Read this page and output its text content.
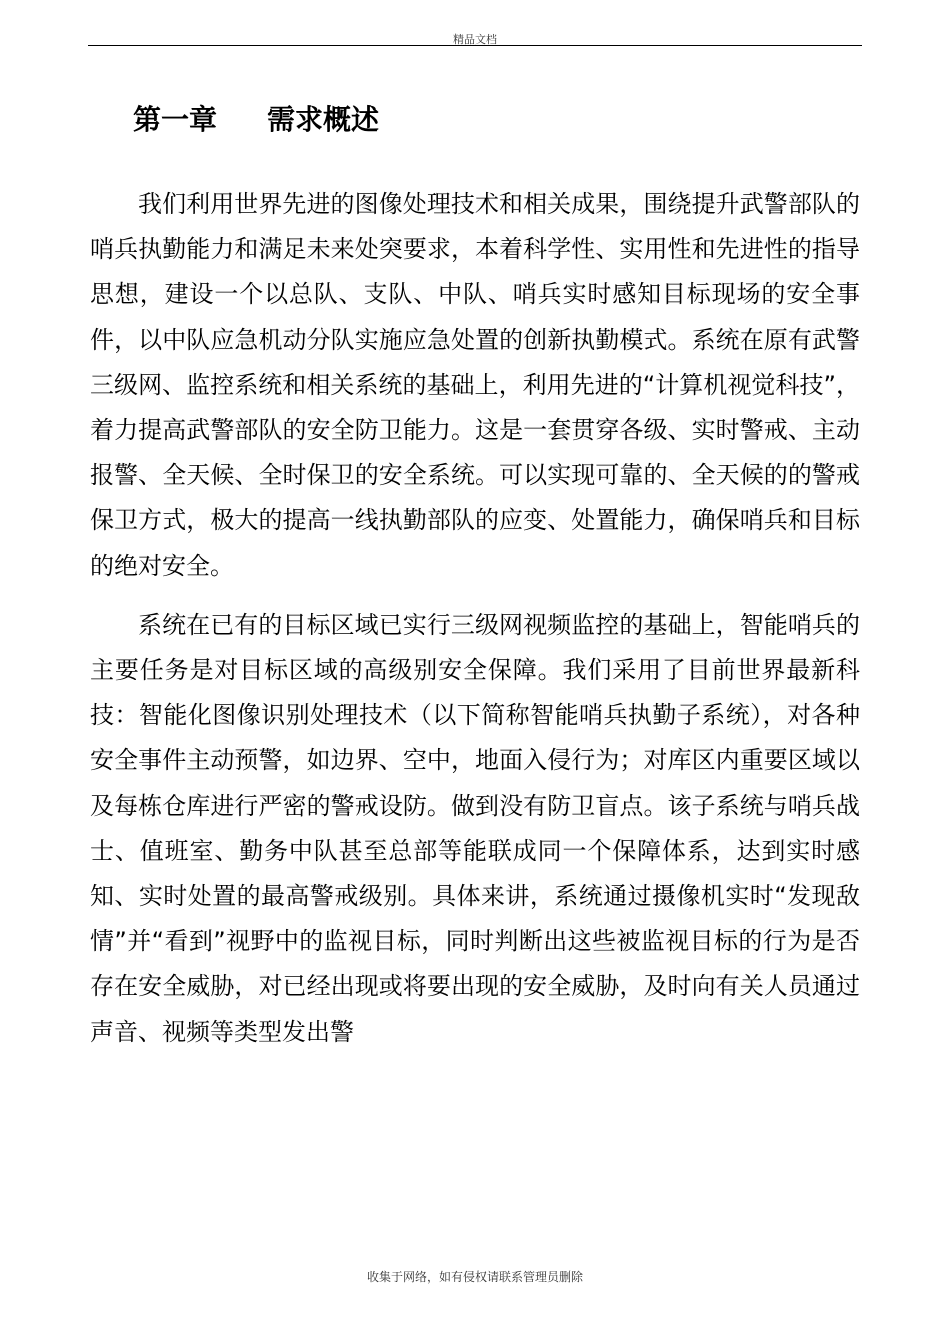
精品文档
第一章 需求概述

我们利用世界先进的图像处理技术和相关成果，围绕提升武警部队的哨兵执勤能力和满足未来处突要求，本着科学性、实用性和先进性的指导思想，建设一个以总队、支队、中队、哨兵实时感知目标现场的安全事件，以中队应急机动分队实施应急处置的创新执勤模式。系统在原有武警三级网、监控系统和相关系统的基础上，利用先进的“计算机视觉科技”，着力提高武警部队的安全防卫能力。这是一套贯穿各级、实时警戒、主动报警、全天候、全时保卫的安全系统。可以实现可靠的、全天候的的警戒保卫方式，极大的提高一线执勤部队的应变、处置能力，确保哨兵和目标的绝对安全。

系统在已有的目标区域已实行三级网视频监控的基础上，智能哨兵的主要任务是对目标区域的高级别安全保障。我们采用了目前世界最新科技：智能化图像识别处理技术（以下简称智能哨兵执勤子系统），对各种安全事件主动预警，如边界、空中，地面入侵行为；对库区内重要区域以及每栋仓库进行严密的警戒设防。做到没有防卫盲点。该子系统与哨兵战士、值班室、勤务中队甚至总部等能联成同一个保障体系，达到实时感知、实时处置的最高警戒级别。具体来讲，系统通过摄像机实时“发现敌情”并“看到”视野中的监视目标，同时判断出这些被监视目标的行为是否存在安全威胁，对已经出现或将要出现的安全威胁，及时向有关人员通过声音、视频等类型发出警

收集于网络，如有侵权请联系管理员删除
